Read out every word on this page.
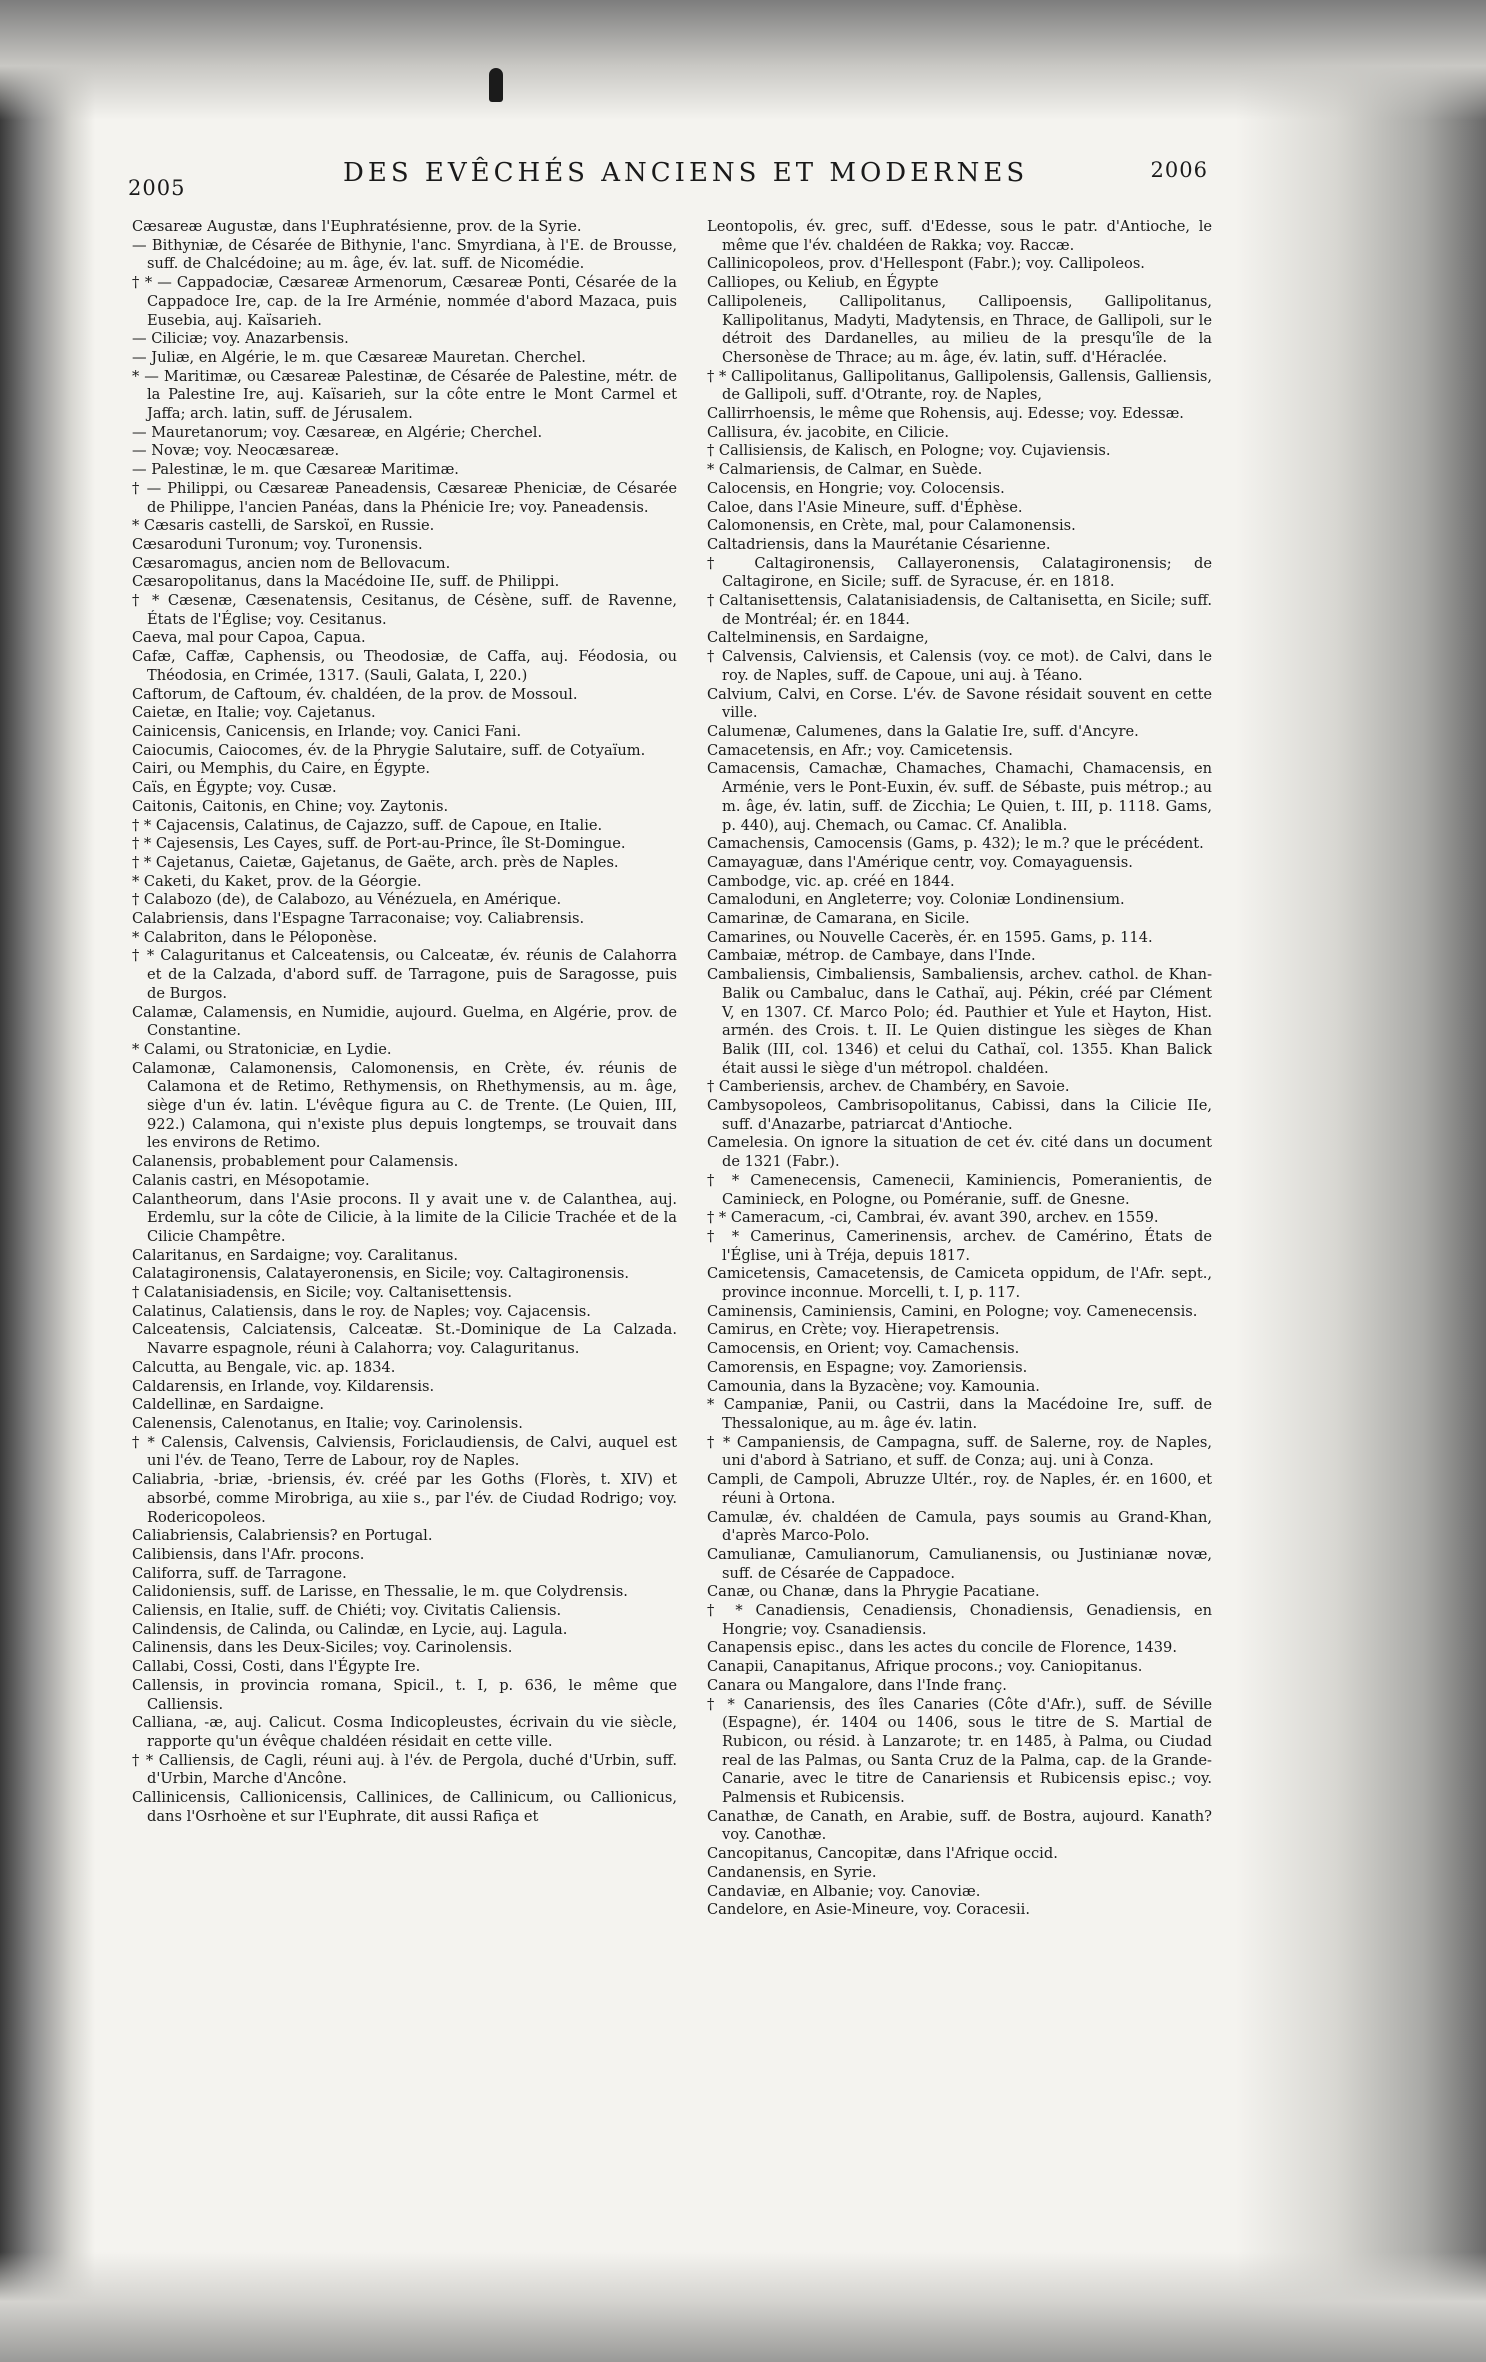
2005	DES EVÊCHÉS ANCIENS ET MODERNES	2006

Cæsareæ Augustæ, dans l'Euphratésienne, prov. de la Syrie.

— Bithyniæ, de Césarée de Bithynie, l'anc. Smyrdiana, à l'E. de Brousse, suff. de Chalcédoine; au m. âge, év. lat. suff. de Nicomédie.

† * — Cappadociæ, Cæsareæ Armenorum, Cæsareæ Ponti, Césarée de la Cappadoce Ire, cap. de la Ire Arménie, nommée d'abord Mazaca, puis Eusebia, auj. Kaïsarieh.

— Ciliciæ; voy. Anazarbensis.

— Juliæ, en Algérie, le m. que Cæsareæ Mauretan. Cherchel.

* — Maritimæ, ou Cæsareæ Palestinæ, de Césarée de Palestine, métr. de la Palestine Ire, auj. Kaïsarieh, sur la côte entre le Mont Carmel et Jaffa; arch. latin, suff. de Jérusalem.

— Mauretanorum; voy. Cæsareæ, en Algérie; Cherchel.

— Novæ; voy. Neocæsareæ.

— Palestinæ, le m. que Cæsareæ Maritimæ.

† — Philippi, ou Cæsareæ Paneadensis, Cæsareæ Pheniciæ, de Césarée de Philippe, l'ancien Panéas, dans la Phénicie Ire; voy. Paneadensis.

* Cæsaris castelli, de Sarskoï, en Russie.

Cæsaroduni Turonum; voy. Turonensis.

Cæsaromagus, ancien nom de Bellovacum.

Cæsaropolitanus, dans la Macédoine IIe, suff. de Philippi.

† * Cæsenæ, Cæsenatensis, Cesitanus, de Césène, suff. de Ravenne, États de l'Église; voy. Cesitanus.

Caeva, mal pour Capoa, Capua.

Cafæ, Caffæ, Caphensis, ou Theodosiæ, de Caffa, auj. Féodosia, ou Théodosia, en Crimée, 1317. (Sauli, Galata, I, 220.)

Caftorum, de Caftoum, év. chaldéen, de la prov. de Mossoul.

Caietæ, en Italie; voy. Cajetanus.

Cainicensis, Canicensis, en Irlande; voy. Canici Fani.

Caiocumis, Caiocomes, év. de la Phrygie Salutaire, suff. de Cotyaïum.

Cairi, ou Memphis, du Caire, en Égypte.

Caïs, en Égypte; voy. Cusæ.

Caitonis, Caitonis, en Chine; voy. Zaytonis.

† * Cajacensis, Calatinus, de Cajazzo, suff. de Capoue, en Italie.

† * Cajesensis, Les Cayes, suff. de Port-au-Prince, île St-Domingue.

† * Cajetanus, Caietæ, Gajetanus, de Gaëte, arch. près de Naples.

* Caketi, du Kaket, prov. de la Géorgie.

† Calabozo (de), de Calabozo, au Vénézuela, en Amérique.

Calabriensis, dans l'Espagne Tarraconaise; voy. Caliabrensis.

* Calabriton, dans le Péloponèse.

† * Calaguritanus et Calceatensis, ou Calceatæ, év. réunis de Calahorra et de la Calzada, d'abord suff. de Tarragone, puis de Saragosse, puis de Burgos.

Calamæ, Calamensis, en Numidie, aujourd. Guelma, en Algérie, prov. de Constantine.

* Calami, ou Stratoniciæ, en Lydie.

Calamonæ, Calamonensis, Calomonensis, en Crète, év. réunis de Calamona et de Retimo, Rethymensis, on Rhethymensis, au m. âge, siège d'un év. latin. L'évêque figura au C. de Trente. (Le Quien, III, 922.) Calamona, qui n'existe plus depuis longtemps, se trouvait dans les environs de Retimo.

Calanensis, probablement pour Calamensis.

Calanis castri, en Mésopotamie.

Calantheorum, dans l'Asie procons. Il y avait une v. de Calanthea, auj. Erdemlu, sur la côte de Cilicie, à la limite de la Cilicie Trachée et de la Cilicie Champêtre.

Calaritanus, en Sardaigne; voy. Caralitanus.

Calatagironensis, Calatayeronensis, en Sicile; voy. Caltagironensis.

† Calatanisiadensis, en Sicile; voy. Caltanisettensis.

Calatinus, Calatiensis, dans le roy. de Naples; voy. Cajacensis.

Calceatensis, Calciatensis, Calceatæ. St.-Dominique de La Calzada. Navarre espagnole, réuni à Calahorra; voy. Calaguritanus.

Calcutta, au Bengale, vic. ap. 1834.

Caldarensis, en Irlande, voy. Kildarensis.

Caldellinæ, en Sardaigne.

Calenensis, Calenotanus, en Italie; voy. Carinolensis.

† * Calensis, Calvensis, Calviensis, Foriclaudiensis, de Calvi, auquel est uni l'év. de Teano, Terre de Labour, roy de Naples.

Caliabria, -briæ, -briensis, év. créé par les Goths (Florès, t. XIV) et absorbé, comme Mirobriga, au xiie s., par l'év. de Ciudad Rodrigo; voy. Rodericopoleos.

Caliabriensis, Calabriensis? en Portugal.

Calibiensis, dans l'Afr. procons.

Califorra, suff. de Tarragone.

Calidoniensis, suff. de Larisse, en Thessalie, le m. que Colydrensis.

Caliensis, en Italie, suff. de Chiéti; voy. Civitatis Caliensis.

Calindensis, de Calinda, ou Calindæ, en Lycie, auj. Lagula.

Calinensis, dans les Deux-Siciles; voy. Carinolensis.

Callabi, Cossi, Costi, dans l'Égypte Ire.

Callensis, in provincia romana, Spicil., t. I, p. 636, le même que Calliensis.

Calliana, -æ, auj. Calicut. Cosma Indicopleustes, écrivain du vie siècle, rapporte qu'un évêque chaldéen résidait en cette ville.

† * Calliensis, de Cagli, réuni auj. à l'év. de Pergola, duché d'Urbin, suff. d'Urbin, Marche d'Ancône.

Callinicensis, Callionicensis, Callinices, de Callinicum, ou Callionicus, dans l'Osrhoène et sur l'Euphrate, dit aussi Rafiça et

Leontopolis, év. grec, suff. d'Edesse, sous le patr. d'Antioche, le même que l'év. chaldéen de Rakka; voy. Raccæ.

Callinicopoleos, prov. d'Hellespont (Fabr.); voy. Callipoleos.

Calliopes, ou Keliub, en Égypte

Callipoleneis, Callipolitanus, Callipoensis, Gallipolitanus, Kallipolitanus, Madyti, Madytensis, en Thrace, de Gallipoli, sur le détroit des Dardanelles, au milieu de la presqu'île de la Chersonèse de Thrace; au m. âge, év. latin, suff. d'Héraclée.

† * Callipolitanus, Gallipolitanus, Gallipolensis, Gallensis, Galliensis, de Gallipoli, suff. d'Otrante, roy. de Naples,

Callirrhoensis, le même que Rohensis, auj. Edesse; voy. Edessæ.

Callisura, év. jacobite, en Cilicie.

† Callisiensis, de Kalisch, en Pologne; voy. Cujaviensis.

* Calmariensis, de Calmar, en Suède.

Calocensis, en Hongrie; voy. Colocensis.

Caloe, dans l'Asie Mineure, suff. d'Éphèse.

Calomonensis, en Crète, mal, pour Calamonensis.

Caltadriensis, dans la Maurétanie Césarienne.

† Caltagironensis, Callayeronensis, Calatagironensis; de Caltagirone, en Sicile; suff. de Syracuse, ér. en 1818.

† Caltanisettensis, Calatanisiadensis, de Caltanisetta, en Sicile; suff. de Montréal; ér. en 1844.

Caltelminensis, en Sardaigne,

† Calvensis, Calviensis, et Calensis (voy. ce mot). de Calvi, dans le roy. de Naples, suff. de Capoue, uni auj. à Téano.

Calvium, Calvi, en Corse. L'év. de Savone résidait souvent en cette ville.

Calumenæ, Calumenes, dans la Galatie Ire, suff. d'Ancyre.

Camacetensis, en Afr.; voy. Camicetensis.

Camacensis, Camachæ, Chamaches, Chamachi, Chamacensis, en Arménie, vers le Pont-Euxin, év. suff. de Sébaste, puis métrop.; au m. âge, év. latin, suff. de Zicchia; Le Quien, t. III, p. 1118. Gams, p. 440), auj. Chemach, ou Camac. Cf. Analibla.

Camachensis, Camocensis (Gams, p. 432); le m.? que le précédent.

Camayaguæ, dans l'Amérique centr, voy. Comayaguensis.

Cambodge, vic. ap. créé en 1844.

Camaloduni, en Angleterre; voy. Coloniæ Londinensium.

Camarinæ, de Camarana, en Sicile.

Camarines, ou Nouvelle Cacerès, ér. en 1595. Gams, p. 114.

Cambaiæ, métrop. de Cambaye, dans l'Inde.

Cambaliensis, Cimbaliensis, Sambaliensis, archev. cathol. de Khan-Balik ou Cambaluc, dans le Cathaï, auj. Pékin, créé par Clément V, en 1307. Cf. Marco Polo; éd. Pauthier et Yule et Hayton, Hist. armén. des Crois. t. II. Le Quien distingue les sièges de Khan Balik (III, col. 1346) et celui du Cathaï, col. 1355. Khan Balick était aussi le siège d'un métropol. chaldéen.

† Camberiensis, archev. de Chambéry, en Savoie.

Cambysopoleos, Cambrisopolitanus, Cabissi, dans la Cilicie IIe, suff. d'Anazarbe, patriarcat d'Antioche.

Camelesia. On ignore la situation de cet év. cité dans un document de 1321 (Fabr.).

† * Camenecensis, Camenecii, Kaminiencis, Pomeranientis, de Caminieck, en Pologne, ou Poméranie, suff. de Gnesne.

† * Cameracum, -ci, Cambrai, év. avant 390, archev. en 1559.

† * Camerinus, Camerinensis, archev. de Camérino, États de l'Église, uni à Tréja, depuis 1817.

Camicetensis, Camacetensis, de Camiceta oppidum, de l'Afr. sept., province inconnue. Morcelli, t. I, p. 117.

Caminensis, Caminiensis, Camini, en Pologne; voy. Camenecensis.

Camirus, en Crète; voy. Hierapetrensis.

Camocensis, en Orient; voy. Camachensis.

Camorensis, en Espagne; voy. Zamoriensis.

Camounia, dans la Byzacène; voy. Kamounia.

* Campaniæ, Panii, ou Castrii, dans la Macédoine Ire, suff. de Thessalonique, au m. âge év. latin.

† * Campaniensis, de Campagna, suff. de Salerne, roy. de Naples, uni d'abord à Satriano, et suff. de Conza; auj. uni à Conza.

Campli, de Campoli, Abruzze Ultér., roy. de Naples, ér. en 1600, et réuni à Ortona.

Camulæ, év. chaldéen de Camula, pays soumis au Grand-Khan, d'après Marco-Polo.

Camulianæ, Camulianorum, Camulianensis, ou Justinianæ novæ, suff. de Césarée de Cappadoce.

Canæ, ou Chanæ, dans la Phrygie Pacatiane.

† * Canadiensis, Cenadiensis, Chonadiensis, Genadiensis, en Hongrie; voy. Csanadiensis.

Canapensis episc., dans les actes du concile de Florence, 1439.

Canapii, Canapitanus, Afrique procons.; voy. Caniopitanus.

Canara ou Mangalore, dans l'Inde franç.

† * Canariensis, des îles Canaries (Côte d'Afr.), suff. de Séville (Espagne), ér. 1404 ou 1406, sous le titre de S. Martial de Rubicon, ou résid. à Lanzarote; tr. en 1485, à Palma, ou Ciudad real de las Palmas, ou Santa Cruz de la Palma, cap. de la Grande-Canarie, avec le titre de Canariensis et Rubicensis episc.; voy. Palmensis et Rubicensis.

Canathæ, de Canath, en Arabie, suff. de Bostra, aujourd. Kanath? voy. Canothæ.

Cancopitanus, Cancopitæ, dans l'Afrique occid.

Candanensis, en Syrie.

Candaviæ, en Albanie; voy. Canoviæ.

Candelore, en Asie-Mineure, voy. Coracesii.
